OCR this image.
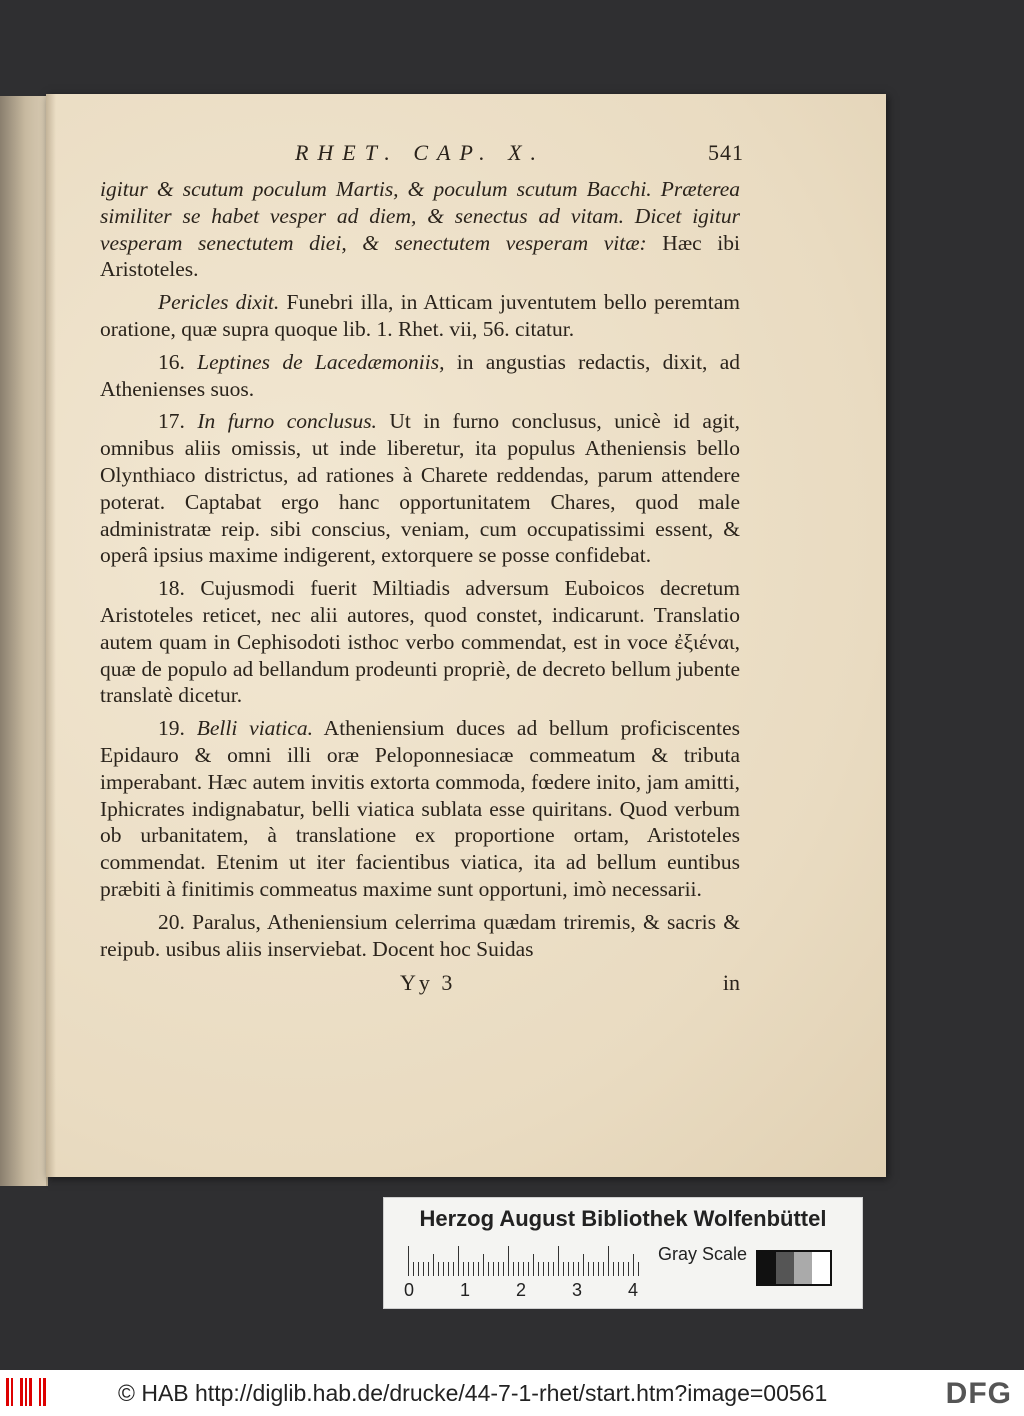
RHET. CAP. X.	541

igitur & scutum poculum Martis, & poculum scutum Bacchi. Præterea similiter se habet vesper ad diem, & senectus ad vitam. Dicet igitur vesperam senectutem diei, & senectutem vesperam vitæ: Hæc ibi Aristoteles.

Pericles dixit. Funebri illa, in Atticam juventutem bello peremtam oratione, quæ supra quoque lib. 1. Rhet. vii, 56. citatur.

16. Leptines de Lacedæmoniis, in angustias redactis, dixit, ad Athenienses suos.

17. In furno conclusus. Ut in furno conclusus, unicè id agit, omnibus aliis omissis, ut inde liberetur, ita populus Atheniensis bello Olynthiaco districtus, ad rationes à Charete reddendas, parum attendere poterat. Captabat ergo hanc opportunitatem Chares, quod male administratæ reip. sibi conscius, veniam, cum occupatissimi essent, & operâ ipsius maxime indigerent, extorquere se posse confidebat.

18. Cujusmodi fuerit Miltiadis adversum Euboicos decretum Aristoteles reticet, nec alii autores, quod constet, indicarunt. Translatio autem quam in Cephisodoti isthoc verbo commendat, est in voce ἐξιέναι, quæ de populo ad bellandum prodeunti propriè, de decreto bellum jubente translatè dicetur.

19. Belli viatica. Atheniensium duces ad bellum proficiscentes Epidauro & omni illi oræ Peloponnesiacæ commeatum & tributa imperabant. Hæc autem invitis extorta commoda, fœdere inito, jam amitti, Iphicrates indignabatur, belli viatica sublata esse quiritans. Quod verbum ob urbanitatem, à translatione ex proportione ortam, Aristoteles commendat. Etenim ut iter facientibus viatica, ita ad bellum euntibus præbiti à finitimis commeatus maxime sunt opportuni, imò necessarii.

20. Paralus, Atheniensium celerrima quædam triremis, & sacris & reipub. usibus aliis inserviebat. Docent hoc Suidas

Yy 3	in
Herzog August Bibliothek Wolfenbüttel
0	1	2	3	4
Gray Scale
© HAB http://diglib.hab.de/drucke/44-7-1-rhet/start.htm?image=00561	DFG
